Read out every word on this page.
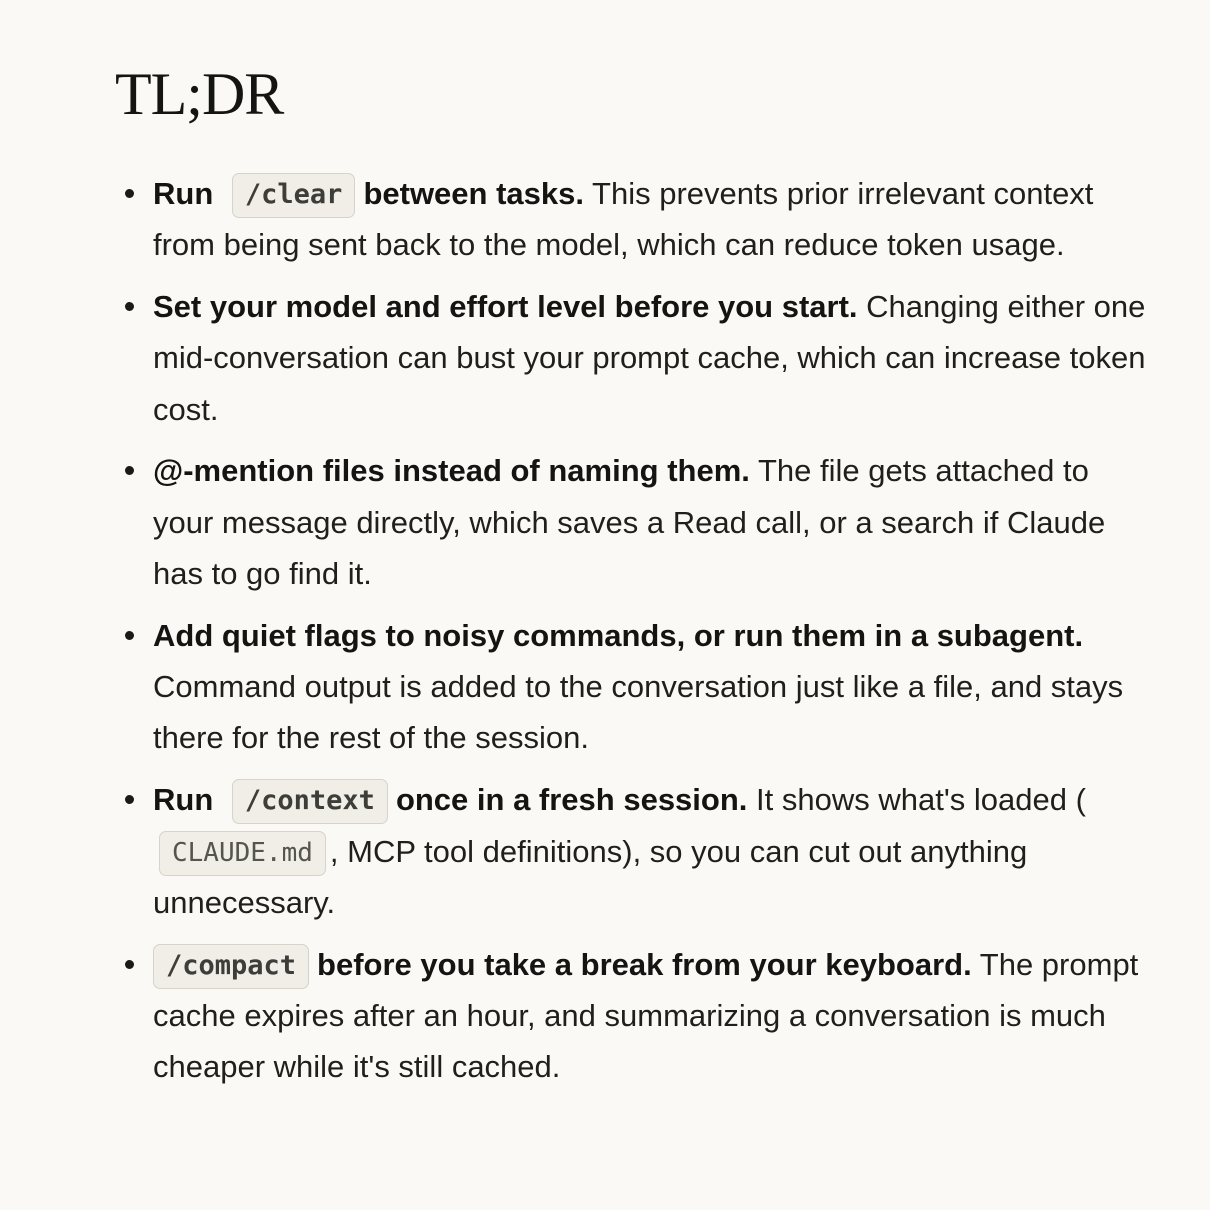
TL;DR
Run /clear between tasks. This prevents prior irrelevant context from being sent back to the model, which can reduce token usage.
Set your model and effort level before you start. Changing either one mid-conversation can bust your prompt cache, which can increase token cost.
@-mention files instead of naming them. The file gets attached to your message directly, which saves a Read call, or a search if Claude has to go find it.
Add quiet flags to noisy commands, or run them in a subagent. Command output is added to the conversation just like a file, and stays there for the rest of the session.
Run /context once in a fresh session. It shows what's loaded (CLAUDE.md , MCP tool definitions), so you can cut out anything unnecessary.
/compact before you take a break from your keyboard. The prompt cache expires after an hour, and summarizing a conversation is much cheaper while it's still cached.
